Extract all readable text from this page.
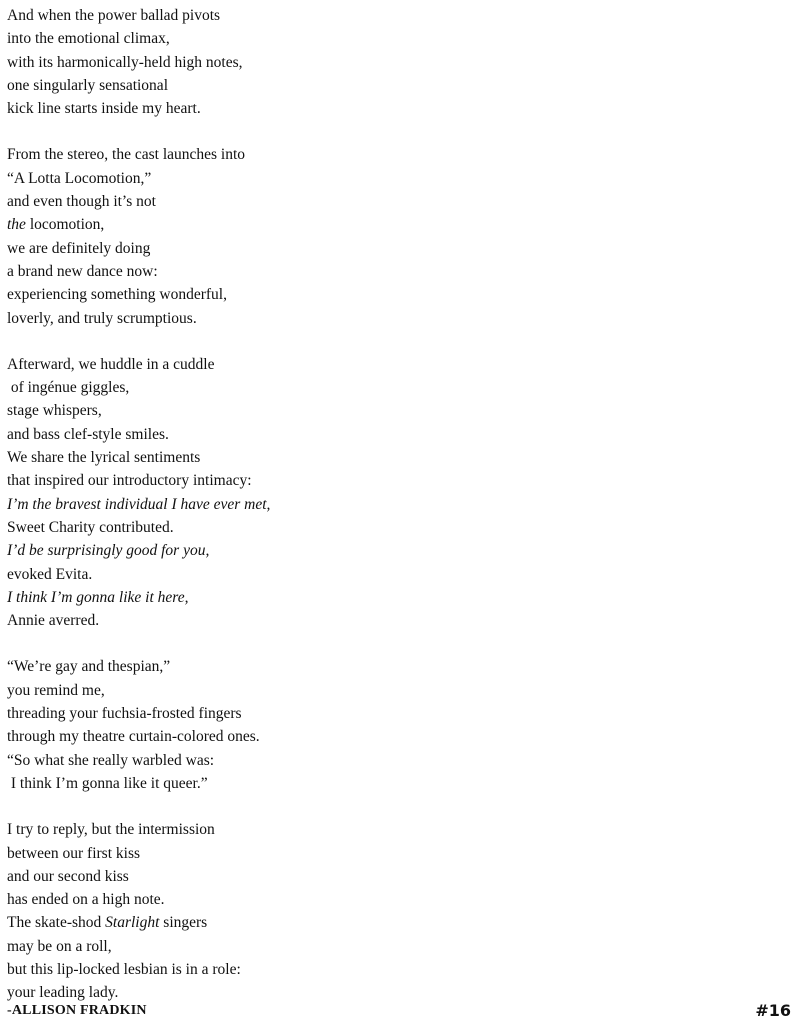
And when the power ballad pivots
into the emotional climax,
with its harmonically-held high notes,
one singularly sensational
kick line starts inside my heart.
From the stereo, the cast launches into
“A Lotta Locomotion,”
and even though it’s not
the locomotion,
we are definitely doing
a brand new dance now:
experiencing something wonderful,
loverly, and truly scrumptious.
Afterward, we huddle in a cuddle
of ingénue giggles,
stage whispers,
and bass clef-style smiles.
We share the lyrical sentiments
that inspired our introductory intimacy:
I’m the bravest individual I have ever met,
Sweet Charity contributed.
I’d be surprisingly good for you,
evoked Evita.
I think I’m gonna like it here,
Annie averred.
“We’re gay and thespian,”
you remind me,
threading your fuchsia-frosted fingers
through my theatre curtain-colored ones.
“So what she really warbled was:
I think I’m gonna like it queer.”
I try to reply, but the intermission
between our first kiss
and our second kiss
has ended on a high note.
The skate-shod Starlight singers
may be on a roll,
but this lip-locked lesbian is in a role:
your leading lady.
-ALLISON FRADKIN	#16
